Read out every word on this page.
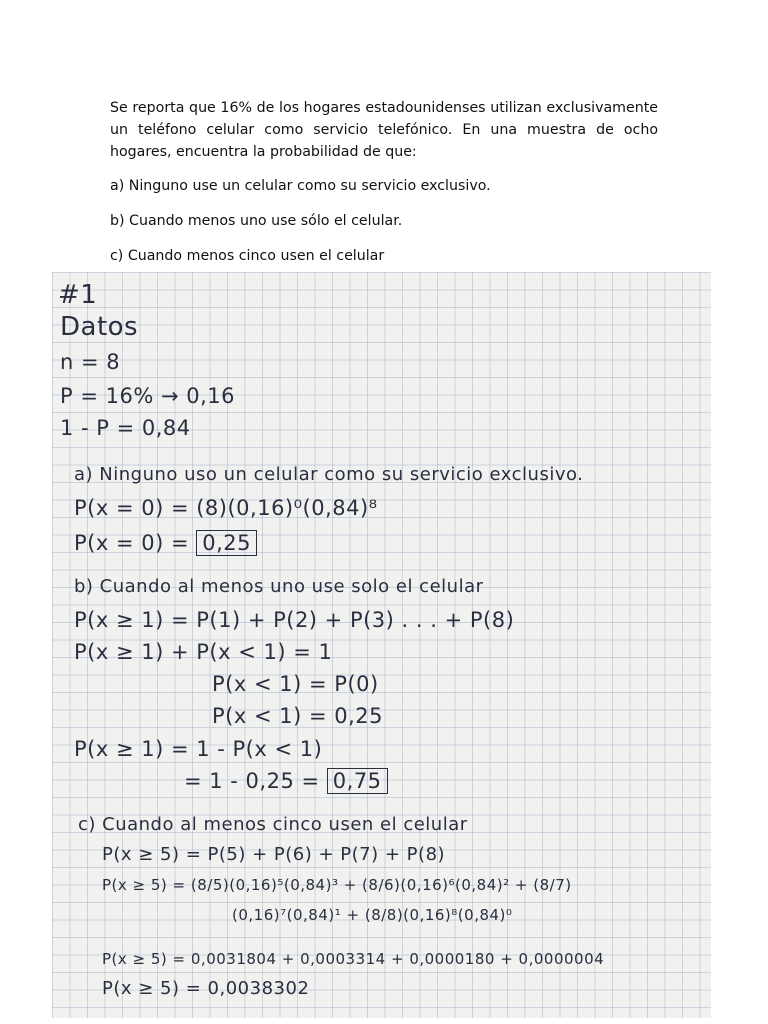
Se reporta que 16% de los hogares estadounidenses utilizan exclusivamente un teléfono celular como servicio telefónico. En una muestra de ocho hogares, encuentra la probabilidad de que:

a) Ninguno use un celular como su servicio exclusivo.

b) Cuando menos uno use sólo el celular.

c) Cuando menos cinco usen el celular

#1
Datos
n = 8
P = 16% → 0,16
1 - P = 0,84
a) Ninguno uso un celular como su servicio exclusivo.
P(x = 0) = (8)(0,16)⁰(0,84)⁸
P(x = 0) = 0,25
b) Cuando al menos uno use solo el celular
P(x ≥ 1) = P(1) + P(2) + P(3) . . . + P(8)
P(x ≥ 1) + P(x < 1) = 1
P(x < 1) = P(0)
P(x < 1) = 0,25
P(x ≥ 1) = 1 - P(x < 1)
= 1 - 0,25 = 0,75
c) Cuando al menos cinco usen el celular
P(x ≥ 5) = P(5) + P(6) + P(7) + P(8)
P(x ≥ 5) = (8/5)(0,16)⁵(0,84)³ + (8/6)(0,16)⁶(0,84)² + (8/7)
(0,16)⁷(0,84)¹ + (8/8)(0,16)⁸(0,84)⁰
P(x ≥ 5) = 0,0031804 + 0,0003314 + 0,0000180 + 0,0000004
P(x ≥ 5) = 0,0038302
